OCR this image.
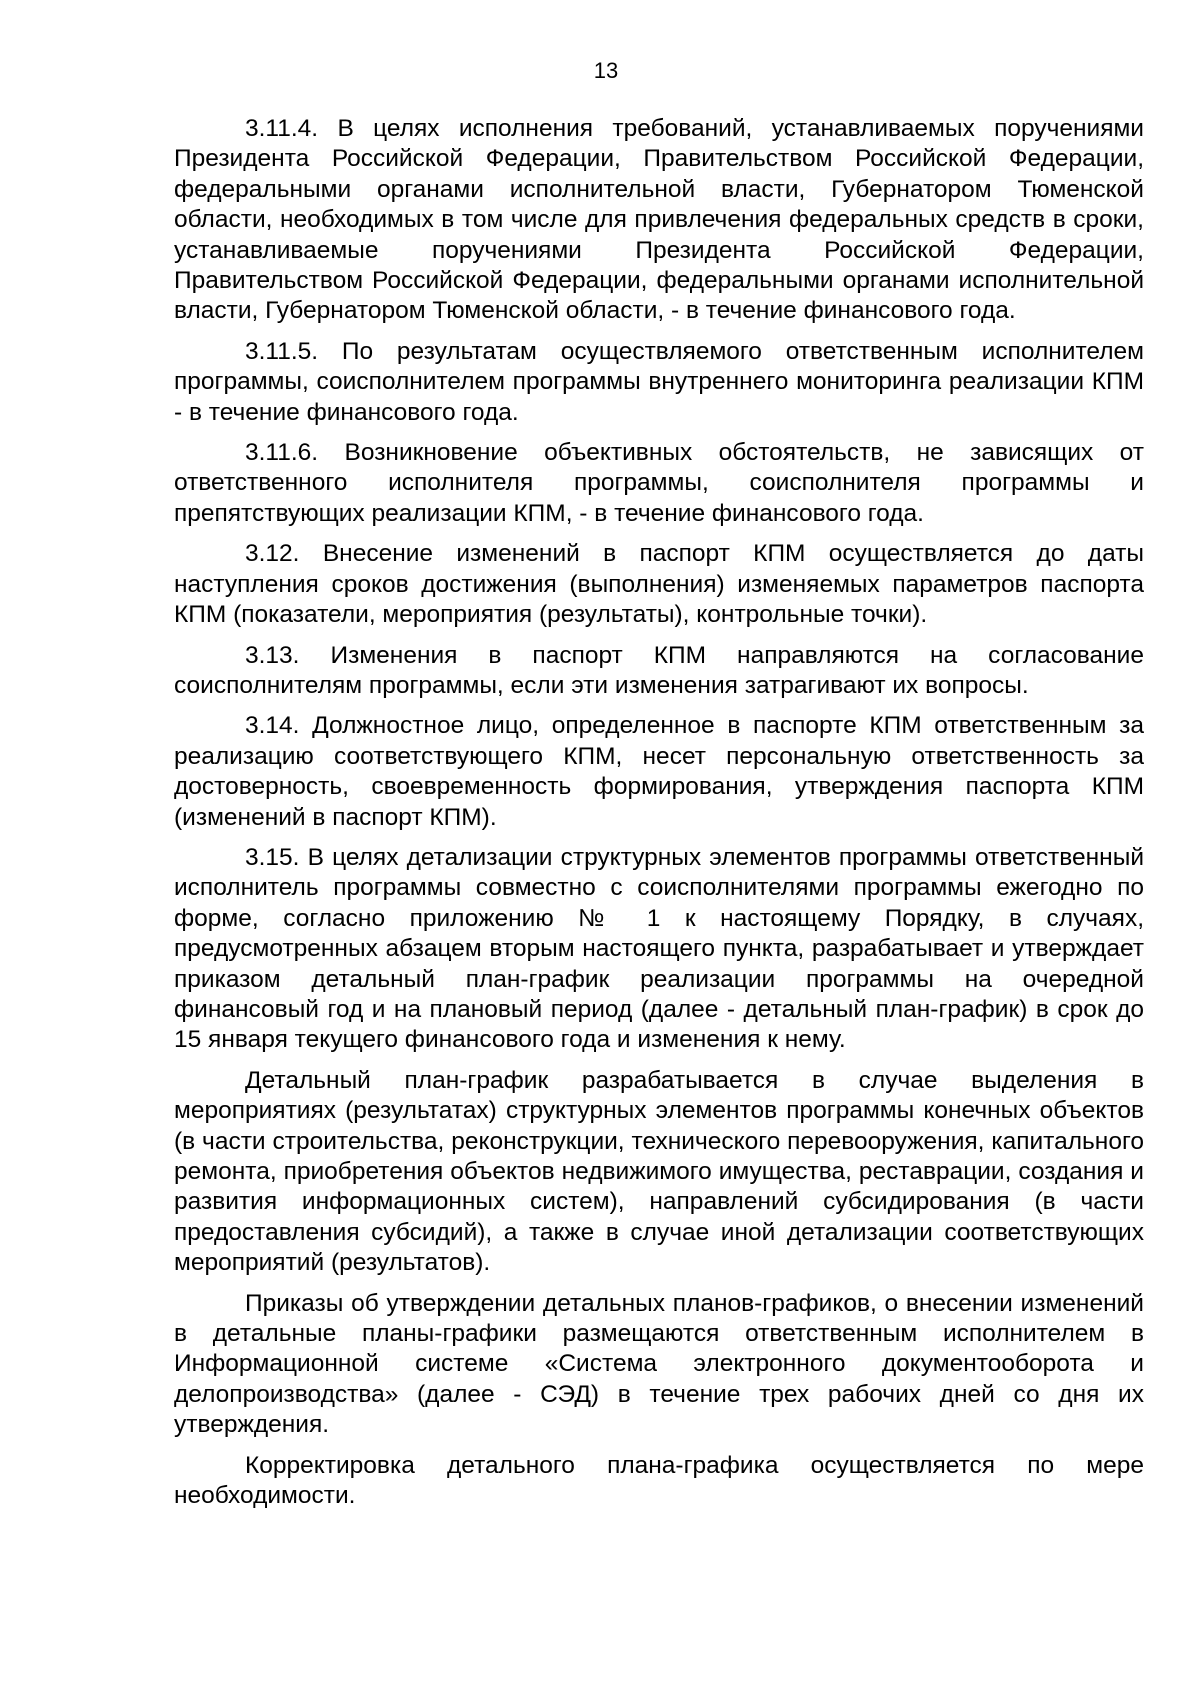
13

3.11.4. В целях исполнения требований, устанавливаемых поручениями Президента Российской Федерации, Правительством Российской Федерации, федеральными органами исполнительной власти, Губернатором Тюменской области, необходимых в том числе для привлечения федеральных средств в сроки, устанавливаемые поручениями Президента Российской Федерации, Правительством Российской Федерации, федеральными органами исполнительной власти, Губернатором Тюменской области, - в течение финансового года.

3.11.5. По результатам осуществляемого ответственным исполнителем программы, соисполнителем программы внутреннего мониторинга реализации КПМ - в течение финансового года.

3.11.6. Возникновение объективных обстоятельств, не зависящих от ответственного исполнителя программы, соисполнителя программы и препятствующих реализации КПМ, - в течение финансового года.

3.12. Внесение изменений в паспорт КПМ осуществляется до даты наступления сроков достижения (выполнения) изменяемых параметров паспорта КПМ (показатели, мероприятия (результаты), контрольные точки).

3.13. Изменения в паспорт КПМ направляются на согласование соисполнителям программы, если эти изменения затрагивают их вопросы.

3.14. Должностное лицо, определенное в паспорте КПМ ответственным за реализацию соответствующего КПМ, несет персональную ответственность за достоверность, своевременность формирования, утверждения паспорта КПМ (изменений в паспорт КПМ).

3.15. В целях детализации структурных элементов программы ответственный исполнитель программы совместно с соисполнителями программы ежегодно по форме, согласно приложению № 1 к настоящему Порядку, в случаях, предусмотренных абзацем вторым настоящего пункта, разрабатывает и утверждает приказом детальный план-график реализации программы на очередной финансовый год и на плановый период (далее - детальный план-график) в срок до 15 января текущего финансового года и изменения к нему.

Детальный план-график разрабатывается в случае выделения в мероприятиях (результатах) структурных элементов программы конечных объектов (в части строительства, реконструкции, технического перевооружения, капитального ремонта, приобретения объектов недвижимого имущества, реставрации, создания и развития информационных систем), направлений субсидирования (в части предоставления субсидий), а также в случае иной детализации соответствующих мероприятий (результатов).

Приказы об утверждении детальных планов-графиков, о внесении изменений в детальные планы-графики размещаются ответственным исполнителем в Информационной системе «Система электронного документооборота и делопроизводства» (далее - СЭД) в течение трех рабочих дней со дня их утверждения.

Корректировка детального плана-графика осуществляется по мере необходимости.
